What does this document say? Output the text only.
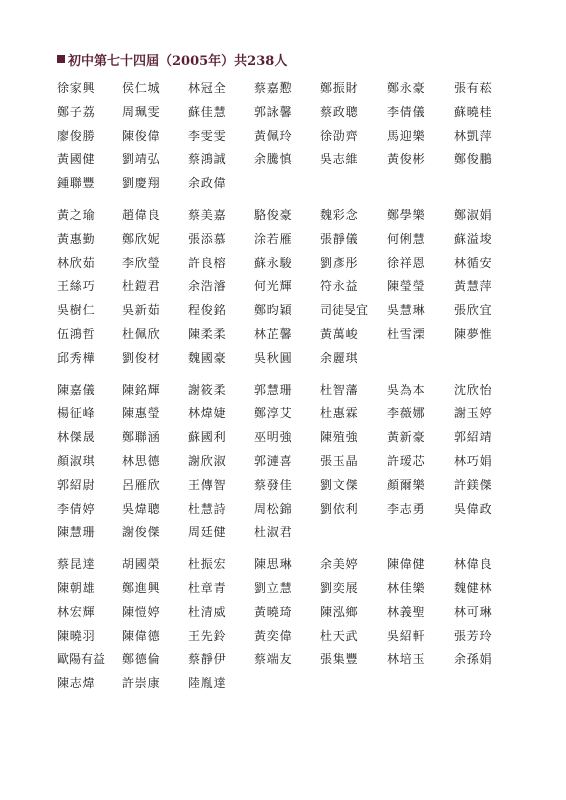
初中第七十四屆（2005年）共238人
徐家興	侯仁城	林冠全	蔡嘉懃	鄭振財	鄭永豪	張有菘
鄭子荔	周珮雯	蘇佳慧	郭詠馨	蔡政聰	李倩儀	蘇曉桂
廖俊勝	陳俊偉	李雯雯	黃佩玲	徐劭齊	馬迎樂	林凱萍
黃國健	劉靖弘	蔡鴻誠	余騰慎	吳志維	黃俊彬	鄭俊鵬
鍾聯豐	劉慶翔	余政偉
黃之瑜	趙偉良	蔡美嘉	駱俊豪	魏彩念	鄭學樂	鄭淑娟
黃惠勤	鄭欣妮	張添慕	涂若雁	張靜儀	何俐慧	蘇溢埈
林欣茹	李欣瑩	許良榕	蘇永駿	劉彥彤	徐祥恩	林循安
王絲巧	杜鎧君	余浩濬	何光輝	符永益	陳瑩瑩	黃慧萍
吳樹仁	吳新茹	程俊銘	鄭昀穎	司徒旻宜	吳慧琳	張欣宜
伍鴻哲	杜佩欣	陳柔柔	林芷馨	黃萬峻	杜雪溧	陳夢惟
邱秀樺	劉俊材	魏國豪	吳秋圓	余麗琪
陳嘉儀	陳銘輝	謝筱柔	郭慧珊	杜智藩	吳為本	沈欣怡
楊征峰	陳惠瑩	林煒婕	鄭淳艾	杜惠霖	李薇娜	謝玉婷
林傑晟	鄭聯涵	蘇國利	巫明強	陳殖強	黃新豪	郭紹靖
顏淑琪	林思德	謝欣淑	郭漣喜	張玉晶	許瑷芯	林巧娟
郭紹尉	呂雁欣	王傳智	蔡發佳	劉文傑	顏爾樂	許鎂傑
李倩婷	吳煒聰	杜慧詩	周松錦	劉依利	李志勇	吳偉政
陳慧珊	謝俊傑	周廷健	杜淑君
蔡昆達	胡國榮	杜振宏	陳思琳	余美婷	陳偉健	林偉良
陳朝雄	鄭進興	杜章青	劉立慧	劉奕展	林佳樂	魏健林
林宏輝	陳愷婷	杜清威	黃曉琦	陳泓鄉	林義聖	林可琳
陳曉羽	陳偉德	王先鈴	黃奕偉	杜天武	吳紹軒	張芳玲
歐陽有益	鄭德倫	蔡靜伊	蔡端友	張集豐	林培玉	余孫娟
陳志煒	許崇康	陸胤達
